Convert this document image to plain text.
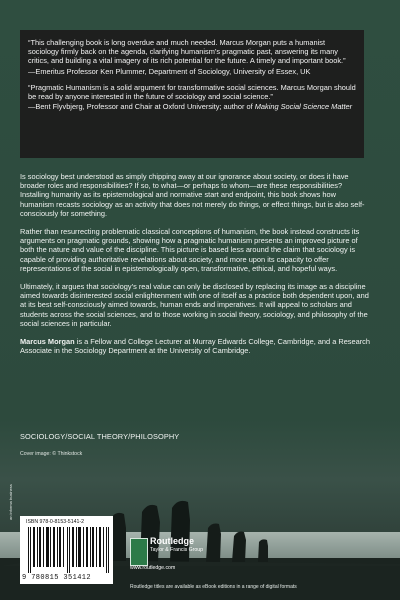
“This challenging book is long overdue and much needed. Marcus Morgan puts a humanist sociology firmly back on the agenda, clarifying humanism’s pragmatic past, answering its many critics, and building a vital imagery of its rich potential for the future. A timely and important book.”

—Emeritus Professor Ken Plummer, Department of Sociology, University of Essex, UK

“Pragmatic Humanism is a solid argument for transformative social sciences. Marcus Morgan should be read by anyone interested in the future of sociology and social science.”

—Bent Flyvbjerg, Professor and Chair at Oxford University; author of Making Social Science Matter

Is sociology best understood as simply chipping away at our ignorance about society, or does it have broader roles and responsibilities? If so, to what—or perhaps to whom—are these responsibilities? Installing humanity as its epistemological and normative start and endpoint, this book shows how humanism recasts sociology as an activity that does not merely do things, or effect things, but is also self-consciously for something.

Rather than resurrecting problematic classical conceptions of humanism, the book instead constructs its arguments on pragmatic grounds, showing how a pragmatic humanism presents an improved picture of both the nature and value of the discipline. This picture is based less around the claim that sociology is capable of providing authoritative revelations about society, and more upon its capacity to offer representations of the social in epistemologically open, transformative, ethical, and hopeful ways.

Ultimately, it argues that sociology’s real value can only be disclosed by replacing its image as a discipline aimed towards disinterested social enlightenment with one of itself as a practice both dependent upon, and at its best self-consciously aimed towards, human ends and imperatives. It will appeal to scholars and students across the social sciences, and to those working in social theory, sociology, and philosophy of the social sciences in particular.

Marcus Morgan is a Fellow and College Lecturer at Murray Edwards College, Cambridge, and a Research Associate in the Sociology Department at the University of Cambridge.

SOCIOLOGY/SOCIAL THEORY/PHILOSOPHY
Cover image: © Thinkstock
an informa business
ISBN 978-0-8153-5141-2
9 780815 351412
Routledge
Taylor & Francis Group
www.routledge.com
Routledge titles are available as eBook editions in a range of digital formats
